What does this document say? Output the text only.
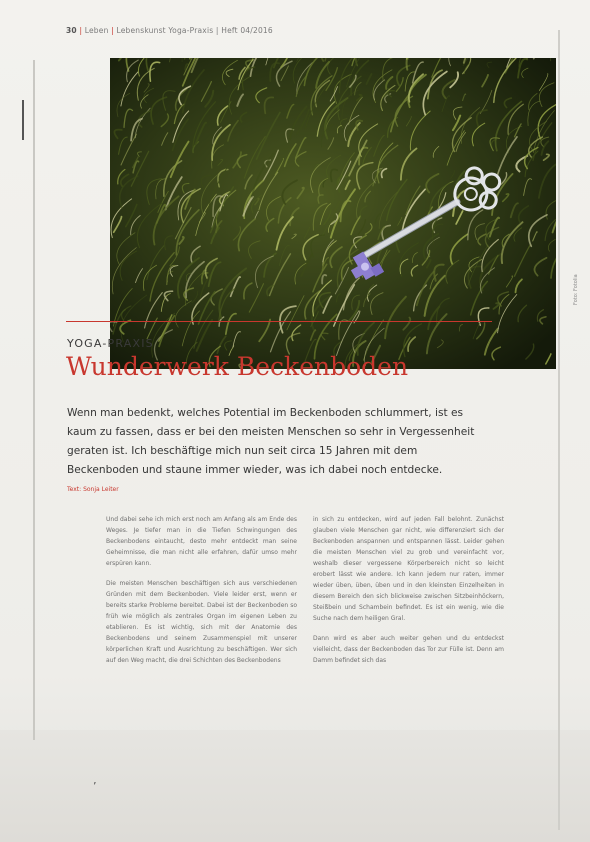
30 | Leben | Lebenskunst Yoga-Praxis | Heft 04/2016
Foto: Fotolia
YOGA-PRAXIS
Wunderwerk Beckenboden

Wenn man bedenkt, welches Potential im Beckenboden schlummert, ist es kaum zu fassen, dass er bei den meisten Menschen so sehr in Vergessenheit geraten ist. Ich beschäftige mich nun seit circa 15 Jahren mit dem Beckenboden und staune immer wieder, was ich dabei noch entdecke.

Text: Sonja Leiter

Und dabei sehe ich mich erst noch am Anfang als am Ende des Weges. Je tiefer man in die Tiefen Schwingungen des Beckenbodens eintaucht, desto mehr entdeckt man seine Geheimnisse, die man nicht alle erfahren, dafür umso mehr erspüren kann.

Die meisten Menschen beschäftigen sich aus verschiedenen Gründen mit dem Beckenboden. Viele leider erst, wenn er bereits starke Probleme bereitet. Dabei ist der Beckenboden so früh wie möglich als zentrales Organ im eigenen Leben zu etablieren. Es ist wichtig, sich mit der Anatomie des Beckenbodens und seinem Zusammenspiel mit unserer körperlichen Kraft und Ausrichtung zu beschäftigen. Wer sich auf den Weg macht, die drei Schichten des Beckenbodens

in sich zu entdecken, wird auf jeden Fall belohnt. Zunächst glauben viele Menschen gar nicht, wie differenziert sich der Beckenboden anspannen und entspannen lässt. Leider gehen die meisten Menschen viel zu grob und vereinfacht vor, weshalb dieser vergessene Körperbereich nicht so leicht erobert lässt wie andere. Ich kann jedem nur raten, immer wieder üben, üben, üben und in den kleinsten Einzelheiten in diesem Bereich den sich blickweise zwischen Sitzbeinhöckern, Steißbein und Schambein befindet. Es ist ein wenig, wie die Suche nach dem heiligen Gral.

Dann wird es aber auch weiter gehen und du entdeckst vielleicht, dass der Beckenboden das Tor zur Fülle ist. Denn am Damm befindet sich das

ʼ
